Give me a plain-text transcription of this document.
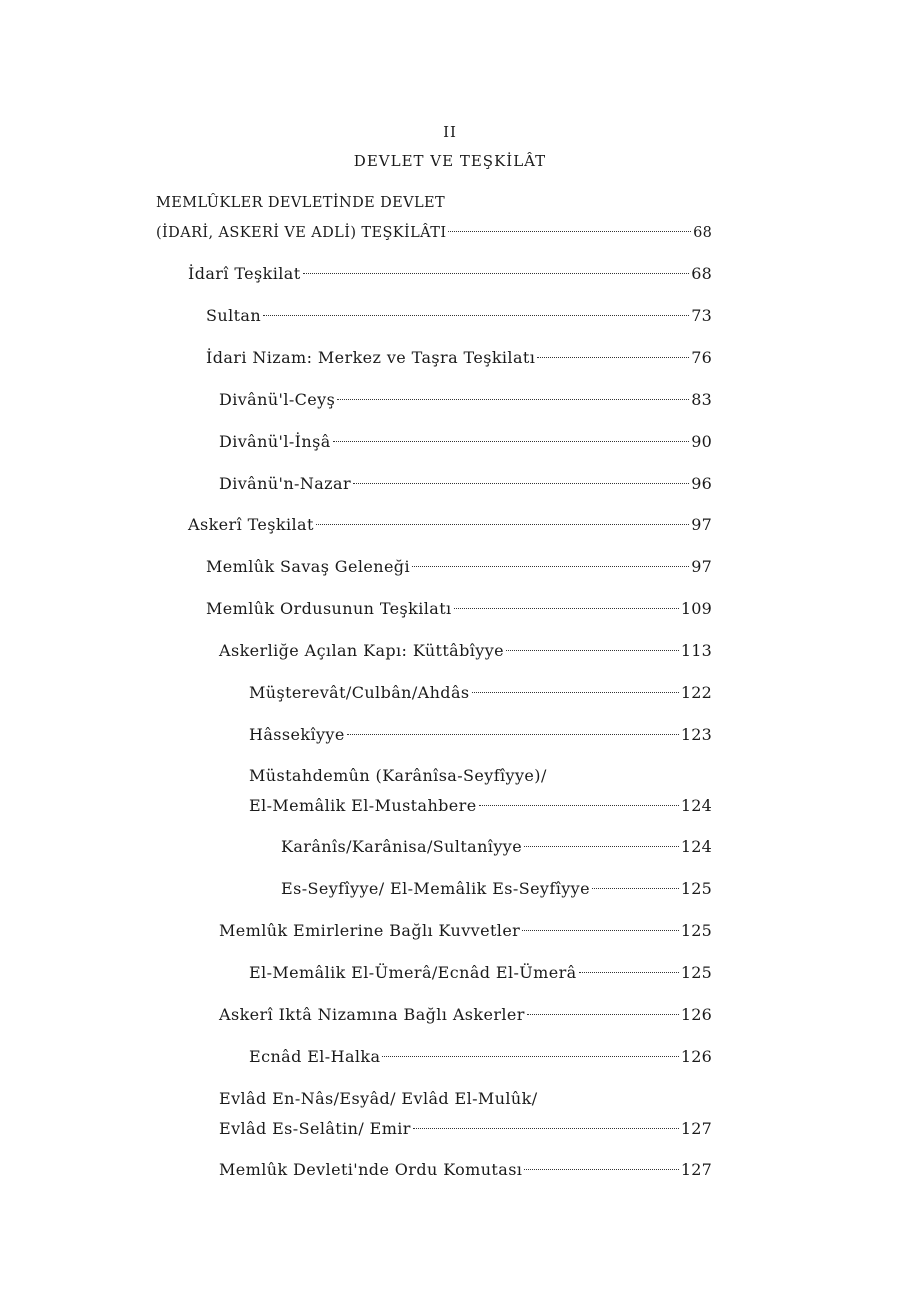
II
DEVLET VE TEŞKİLÂT
MEMLÛKLER DEVLETİNDE DEVLET
(İDARİ, ASKERİ VE ADLİ) TEŞKİLÂTI	68
İdarî Teşkilat	68
Sultan	73
İdari Nizam: Merkez ve Taşra Teşkilatı	76
Divânü'l-Ceyş	83
Divânü'l-İnşâ	90
Divânü'n-Nazar	96
Askerî Teşkilat	97
Memlûk Savaş Geleneği	97
Memlûk Ordusunun Teşkilatı	109
Askerliğe Açılan Kapı: Küttâbîyye	113
Müşterevât/Culbân/Ahdâs	122
Hâssekîyye	123
Müstahdemûn (Karânîsa-Seyfîyye)/
El-Memâlik El-Mustahbere	124
Karânîs/Karânisa/Sultanîyye	124
Es-Seyfîyye/ El-Memâlik Es-Seyfîyye	125
Memlûk Emirlerine Bağlı Kuvvetler	125
El-Memâlik El-Ümerâ/Ecnâd El-Ümerâ	125
Askerî Iktâ Nizamına Bağlı Askerler	126
Ecnâd El-Halka	126
Evlâd En-Nâs/Esyâd/ Evlâd El-Mulûk/
Evlâd Es-Selâtin/ Emir	127
Memlûk Devleti'nde Ordu Komutası	127
